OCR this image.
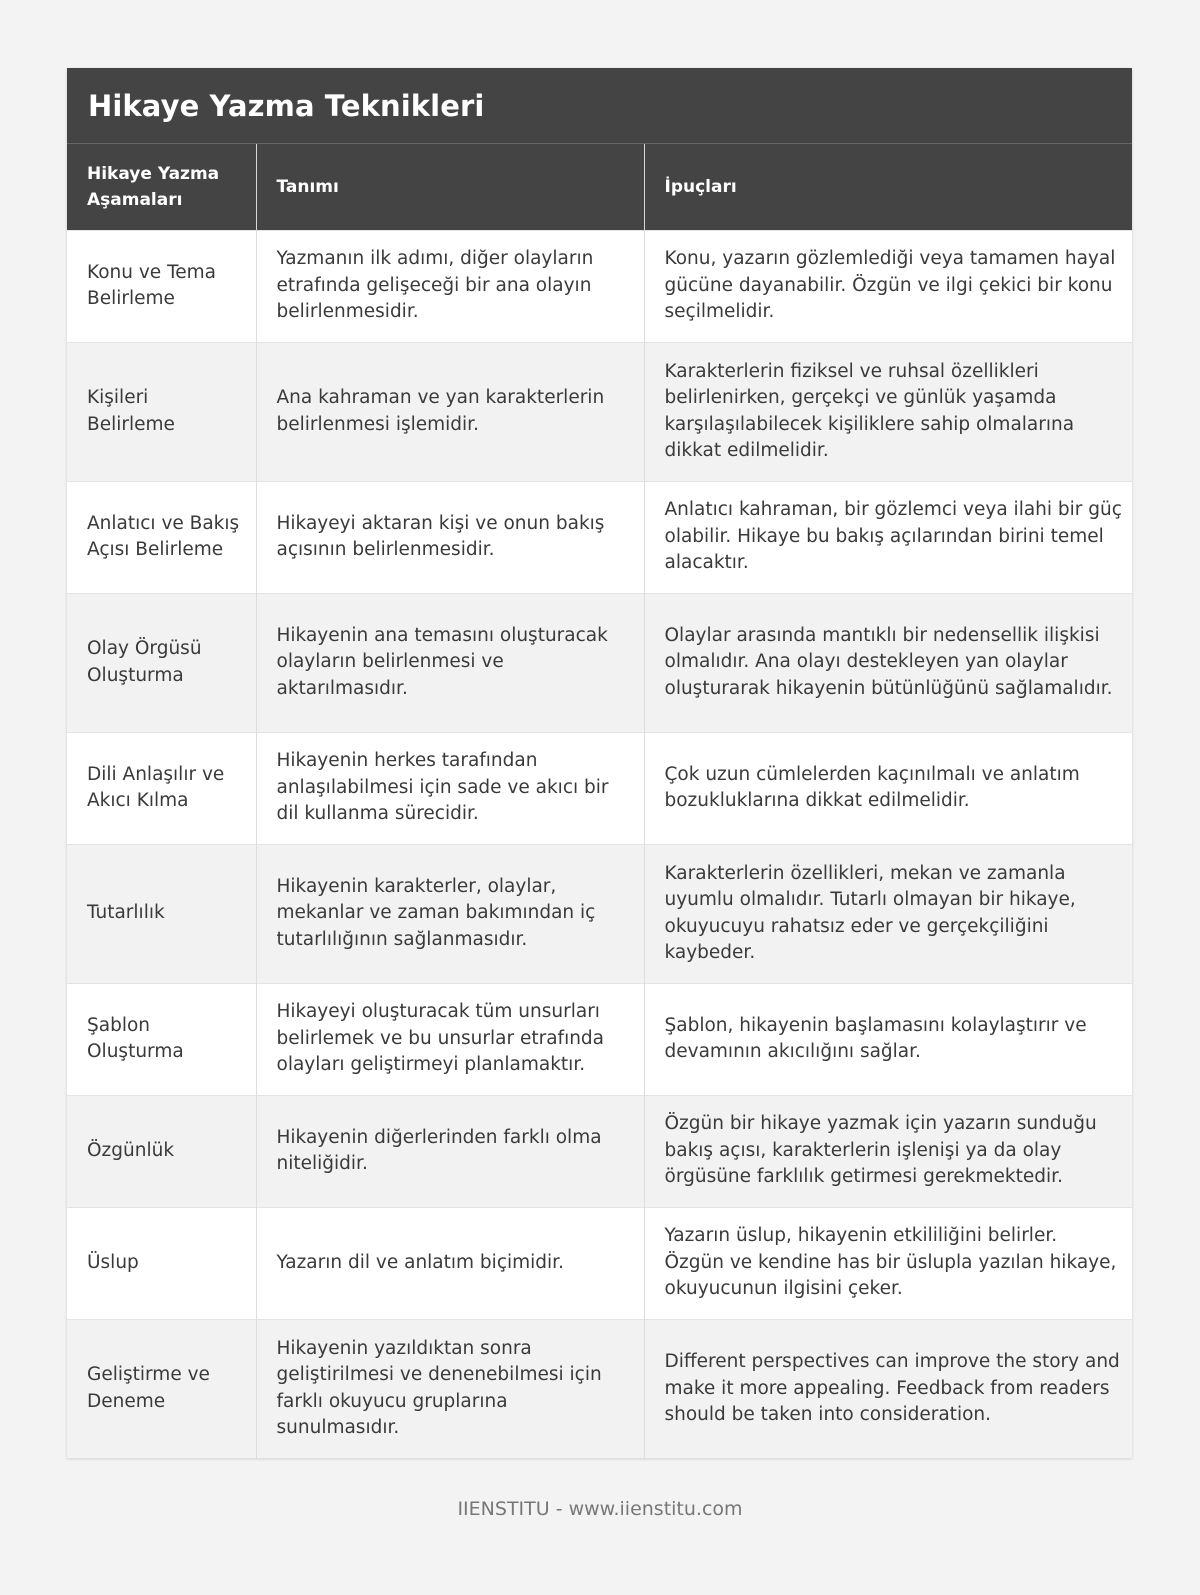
Hikaye Yazma Teknikleri
Hikaye Yazma Aşamaları	Tanımı	İpuçları
Konu ve Tema Belirleme	Yazmanın ilk adımı, diğer olayların etrafında gelişeceği bir ana olayın belirlenmesidir.	Konu, yazarın gözlemlediği veya tamamen hayal gücüne dayanabilir. Özgün ve ilgi çekici bir konu seçilmelidir.
Kişileri Belirleme	Ana kahraman ve yan karakterlerin belirlenmesi işlemidir.	Karakterlerin fiziksel ve ruhsal özellikleri belirlenirken, gerçekçi ve günlük yaşamda karşılaşılabilecek kişiliklere sahip olmalarına dikkat edilmelidir.
Anlatıcı ve Bakış Açısı Belirleme	Hikayeyi aktaran kişi ve onun bakış açısının belirlenmesidir.	Anlatıcı kahraman, bir gözlemci veya ilahi bir güç olabilir. Hikaye bu bakış açılarından birini temel alacaktır.
Olay Örgüsü Oluşturma	Hikayenin ana temasını oluşturacak olayların belirlenmesi ve aktarılmasıdır.	Olaylar arasında mantıklı bir nedensellik ilişkisi olmalıdır. Ana olayı destekleyen yan olaylar oluşturarak hikayenin bütünlüğünü sağlamalıdır.
Dili Anlaşılır ve Akıcı Kılma	Hikayenin herkes tarafından anlaşılabilmesi için sade ve akıcı bir dil kullanma sürecidir.	Çok uzun cümlelerden kaçınılmalı ve anlatım bozukluklarına dikkat edilmelidir.
Tutarlılık	Hikayenin karakterler, olaylar, mekanlar ve zaman bakımından iç tutarlılığının sağlanmasıdır.	Karakterlerin özellikleri, mekan ve zamanla uyumlu olmalıdır. Tutarlı olmayan bir hikaye, okuyucuyu rahatsız eder ve gerçekçiliğini kaybeder.
Şablon Oluşturma	Hikayeyi oluşturacak tüm unsurları belirlemek ve bu unsurlar etrafında olayları geliştirmeyi planlamaktır.	Şablon, hikayenin başlamasını kolaylaştırır ve devamının akıcılığını sağlar.
Özgünlük	Hikayenin diğerlerinden farklı olma niteliğidir.	Özgün bir hikaye yazmak için yazarın sunduğu bakış açısı, karakterlerin işlenişi ya da olay örgüsüne farklılık getirmesi gerekmektedir.
Üslup	Yazarın dil ve anlatım biçimidir.	Yazarın üslup, hikayenin etkililiğini belirler. Özgün ve kendine has bir üslupla yazılan hikaye, okuyucunun ilgisini çeker.
Geliştirme ve Deneme	Hikayenin yazıldıktan sonra geliştirilmesi ve denenebilmesi için farklı okuyucu gruplarına sunulmasıdır.	Different perspectives can improve the story and make it more appealing. Feedback from readers should be taken into consideration.
IIENSTITU - www.iienstitu.com
